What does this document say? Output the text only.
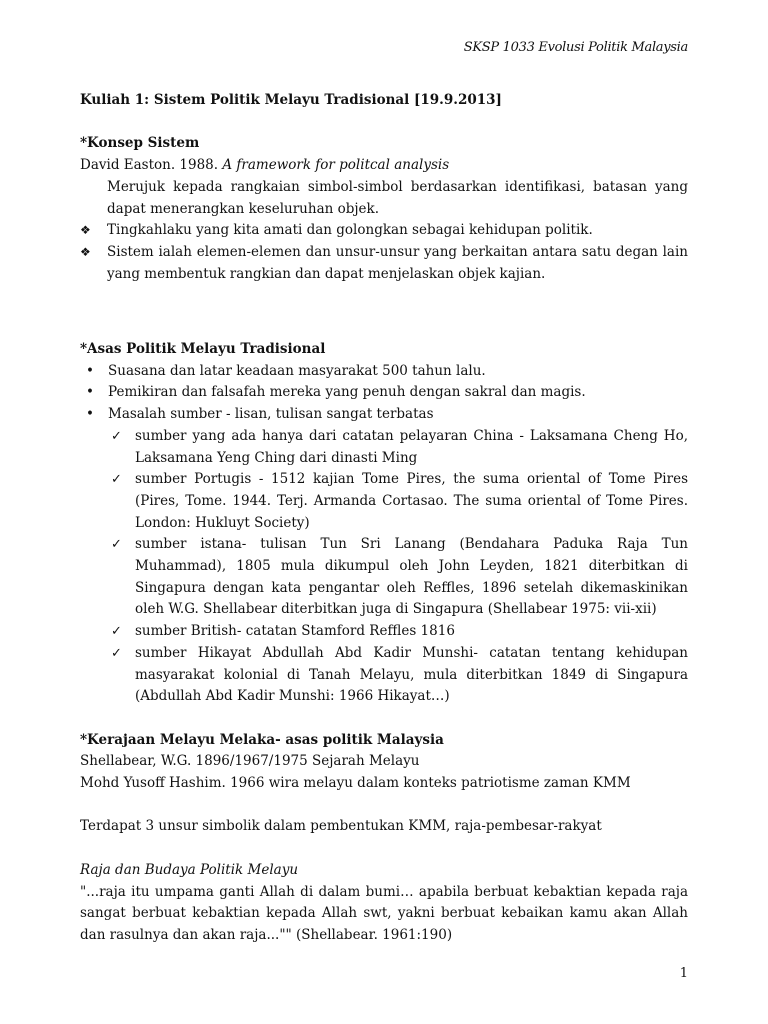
SKSP 1033 Evolusi Politik Malaysia

Kuliah 1: Sistem Politik Melayu Tradisional [19.9.2013]

*Konsep Sistem

David Easton. 1988. A framework for politcal analysis

Merujuk kepada rangkaian simbol-simbol berdasarkan identifikasi, batasan yang dapat menerangkan keseluruhan objek.

❖ Tingkahlaku yang kita amati dan golongkan sebagai kehidupan politik.
❖ Sistem ialah elemen-elemen dan unsur-unsur yang berkaitan antara satu degan lain yang membentuk rangkian dan dapat menjelaskan objek kajian.

*Asas Politik Melayu Tradisional

• Suasana dan latar keadaan masyarakat 500 tahun lalu.
• Pemikiran dan falsafah mereka yang penuh dengan sakral dan magis.
• Masalah sumber - lisan, tulisan sangat terbatas
✓ sumber yang ada hanya dari catatan pelayaran China - Laksamana Cheng Ho, Laksamana Yeng Ching dari dinasti Ming
✓ sumber Portugis - 1512 kajian Tome Pires, the suma oriental of Tome Pires (Pires, Tome. 1944. Terj. Armanda Cortasao. The suma oriental of Tome Pires. London: Hukluyt Society)
✓ sumber istana- tulisan Tun Sri Lanang (Bendahara Paduka Raja Tun Muhammad), 1805 mula dikumpul oleh John Leyden, 1821 diterbitkan di Singapura dengan kata pengantar oleh Reffles, 1896 setelah dikemaskinikan oleh W.G. Shellabear diterbitkan juga di Singapura (Shellabear 1975: vii-xii)
✓ sumber British- catatan Stamford Reffles 1816
✓ sumber Hikayat Abdullah Abd Kadir Munshi- catatan tentang kehidupan masyarakat kolonial di Tanah Melayu, mula diterbitkan 1849 di Singapura (Abdullah Abd Kadir Munshi: 1966 Hikayat…)

*Kerajaan Melayu Melaka- asas politik Malaysia

Shellabear, W.G. 1896/1967/1975 Sejarah Melayu

Mohd Yusoff Hashim. 1966 wira melayu dalam konteks patriotisme zaman KMM

Terdapat 3 unsur simbolik dalam pembentukan KMM, raja-pembesar-rakyat

Raja dan Budaya Politik Melayu

"...raja itu umpama ganti Allah di dalam bumi… apabila berbuat kebaktian kepada raja sangat berbuat kebaktian kepada Allah swt, yakni berbuat kebaikan kamu akan Allah dan rasulnya dan akan raja..."" (Shellabear. 1961:190)

1
